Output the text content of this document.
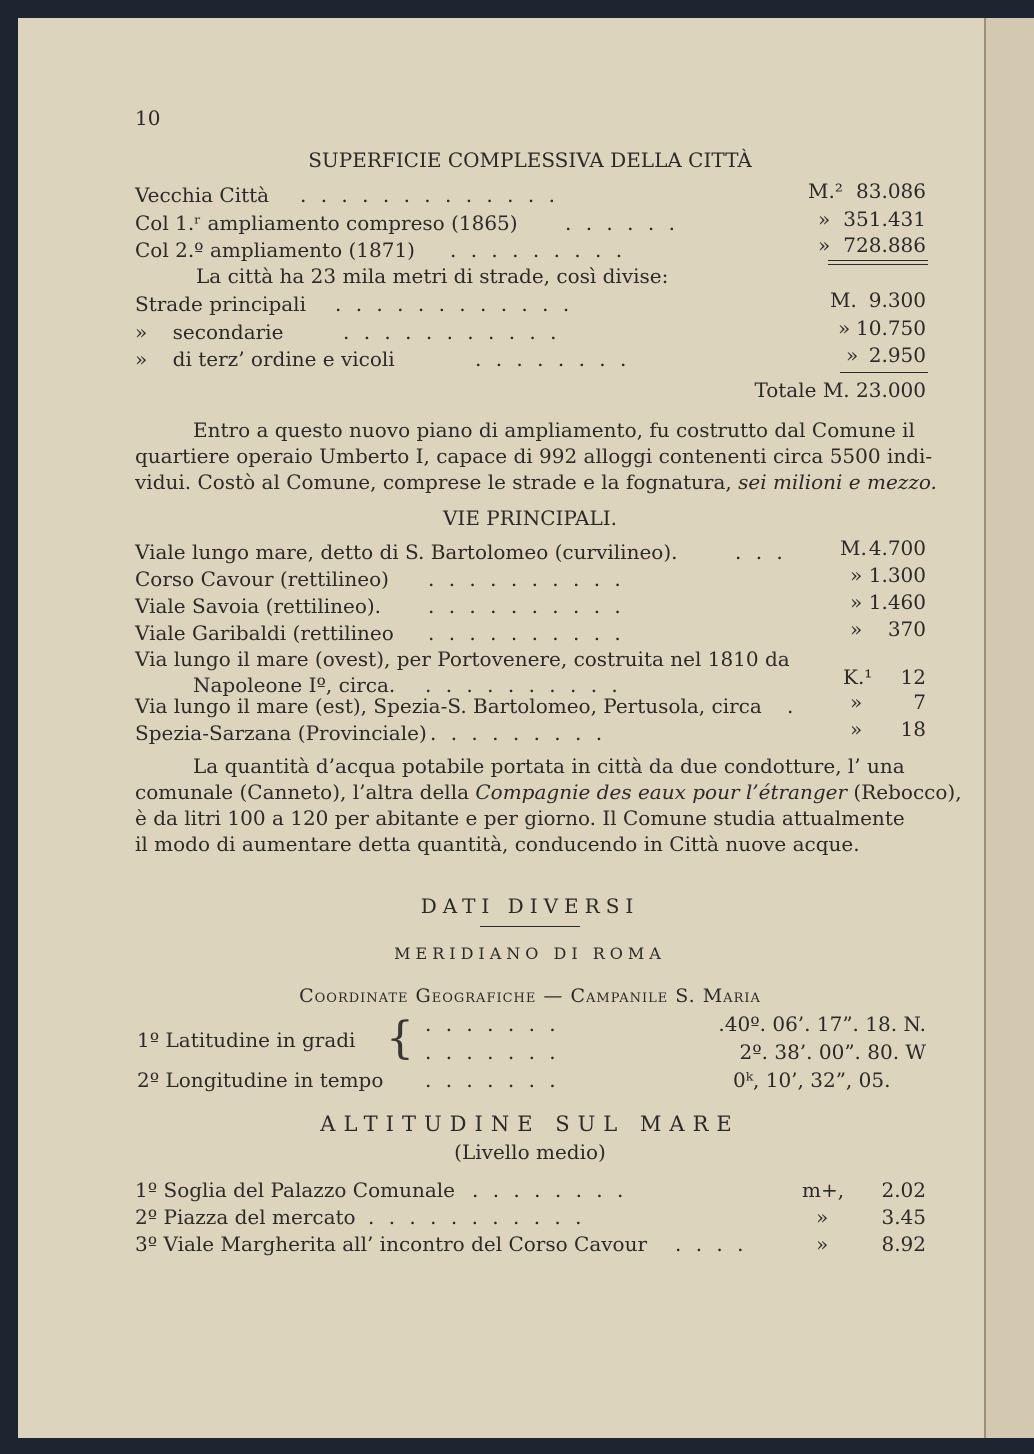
10
SUPERFICIE COMPLESSIVA DELLA CITTÀ
Vecchia Città . . . . . . . . . . . . .	M.² 83.086
Col 1.ʳ ampliamento compreso (1865) . . . . . .	» 351.431
Col 2.º ampliamento (1871) . . . . . . . . .	» 728.886
La città ha 23 mila metri di strade, così divise:
Strade principali . . . . . . . . . . . .	M. 9.300
»    secondarie	. . . . . . . . . . .	» 10.750
»    di terz’ ordine e vicoli	. . . . . . . .	» 2.950
Totale M. 23.000
Entro a questo nuovo piano di ampliamento, fu costrutto dal Comune il
quartiere operaio Umberto I, capace di 992 alloggi contenenti circa 5500 indi-
vidui. Costò al Comune, comprese le strade e la fognatura, sei milioni e mezzo.
VIE PRINCIPALI.
Viale lungo mare, detto di S. Bartolomeo (curvilineo).	. . .	M. 4.700
Corso Cavour (rettilineo) . . . . . . . . . .	» 1.300
Viale Savoia (rettilineo). . . . . . . . . . .	» 1.460
Viale Garibaldi (rettilineo . . . . . . . . . .	»	370
Via lungo il mare (ovest), per Portovenere, costruita nel 1810 da
Napoleone Iº, circa. . . . . . . . . . .	K.¹	12
Via lungo il mare (est), Spezia-S. Bartolomeo, Pertusola, circa .	»	7
Spezia-Sarzana (Provinciale) . . . . . . . . .	»	18
La quantità d’acqua potabile portata in città da due condotture, l’ una
comunale (Canneto), l’altra della Compagnie des eaux pour l’étranger (Rebocco),
è da litri 100 a 120 per abitante e per giorno. Il Comune studia attualmente
il modo di aumentare detta quantità, conducendo in Città nuove acque.
DATI DIVERSI
MERIDIANO DI ROMA
Coordinate Geografiche — Campanile S. Maria
1º Latitudine in gradi { . . . . . . .	.40º. 06’. 17”. 18. N.
. . . . . . .	2º. 38’. 00”. 80. W
2º Longitudine in tempo . . . . . . .	0ᵏ, 10’, 32”, 05.
ALTITUDINE SUL MARE
(Livello medio)
1º Soglia del Palazzo Comunale . . . . . . . .	m+,	2.02
2º Piazza del mercato . . . . . . . . . . .	»	3.45
3º Viale Margherita all’ incontro del Corso Cavour . . . .	»	8.92
